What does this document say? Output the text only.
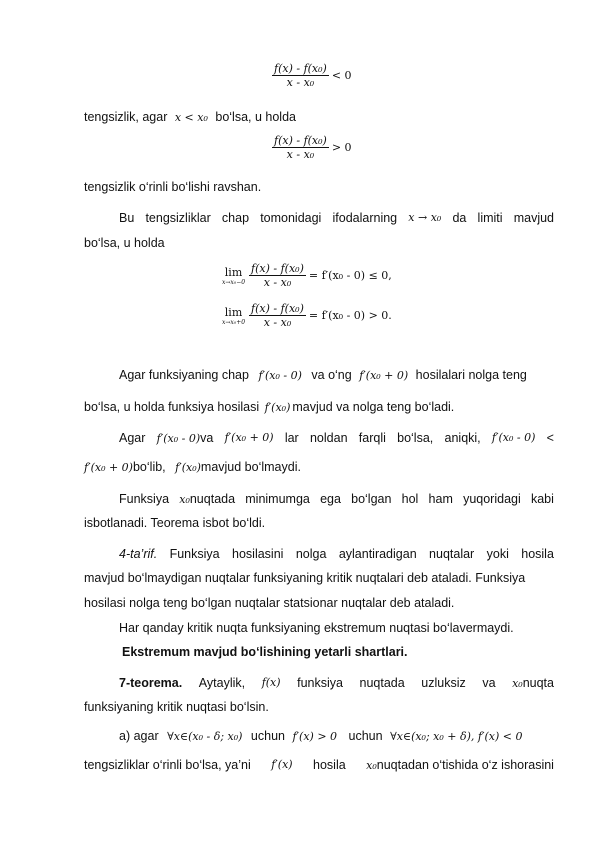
$\frac{\text{f(x) - f(x₀)}}{\text{x - x₀}} < 0$
tengsizlik, agar x < x₀ bo‘lsa, u holda
$\frac{\text{f(x) - f(x₀)}}{\text{x - x₀}} > 0$
tengsizlik o‘rinli bo‘lishi ravshan.
Bu tengsizliklar chap tomonidagi ifodalarning x → x₀ da limiti mavjud
bo‘lsa, u holda
lim
$x\to x_0-0 \frac{\text{f(x) - f(x₀)}}{\text{x - x₀}} = f'(x_0 - 0) \le 0$,
lim
$x\to x_0+0 \frac{\text{f(x) - f(x₀)}}{\text{x - x₀}} = f'(x_0 - 0) > 0$.
Agar funksiyaning chap f′(x₀ - 0) va o‘ng f′(x₀ + 0) hosilalari nolga teng
bo‘lsa, u holda funksiya hosilasi f′(x₀) mavjud va nolga teng bo‘ladi.
Agar f′(x₀ - 0)va f′(x₀ + 0) lar noldan farqli bo‘lsa, aniqki, f′(x₀ - 0) <
f′(x₀ + 0)bo‘lib, f′(x₀)mavjud bo‘lmaydi.
Funksiya x₀nuqtada minimumga ega bo‘lgan hol ham yuqoridagi kabi
isbotlanadi. Teorema isbot bo‘ldi.
4-ta’rif. Funksiya hosilasini nolga aylantiradigan nuqtalar yoki hosila
mavjud bo‘lmaydigan nuqtalar funksiyaning kritik nuqtalari deb ataladi. Funksiya
hosilasi nolga teng bo‘lgan nuqtalar statsionar nuqtalar deb ataladi.
Har qanday kritik nuqta funksiyaning ekstremum nuqtasi bo‘lavermaydi.
Ekstremum mavjud bo‘lishining yetarli shartlari.
7-teorema. Aytaylik, f(x) funksiya nuqtada uzluksiz va x₀nuqta
funksiyaning kritik nuqtasi bo‘lsin.
a) agar ∀x∈(x₀ - δ; x₀) uchun f′(x) > 0 uchun ∀x∈(x₀; x₀ + δ), f′(x) < 0
tengsizliklar o‘rinli bo‘lsa, ya’ni f′(x) hosila x₀nuqtadan o‘tishida o‘z ishorasini
